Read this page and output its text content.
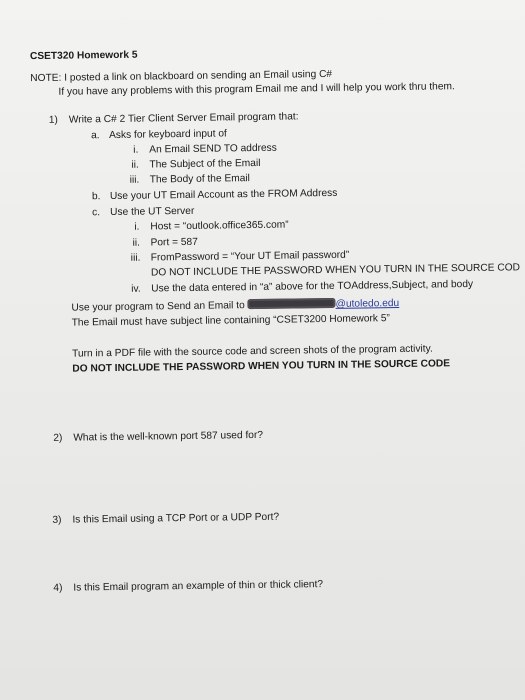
CSET320 Homework 5
NOTE: I posted a link on blackboard on sending an Email using C#
If you have any problems with this program Email me and I will help you work thru them.
1) Write a C# 2 Tier Client Server Email program that:
a. Asks for keyboard input of
i. An Email SEND TO address
ii. The Subject of the Email
iii. The Body of the Email
b. Use your UT Email Account as the FROM Address
c. Use the UT Server
i. Host = “outlook.office365.com”
ii. Port = 587
iii. FromPassword = “Your UT Email password”
DO NOT INCLUDE THE PASSWORD WHEN YOU TURN IN THE SOURCE COD
iv. Use the data entered in “a” above for the TOAddress,Subject, and body
Use your program to Send an Email to	@utoledo.edu
The Email must have subject line containing “CSET3200 Homework 5”
Turn in a PDF file with the source code and screen shots of the program activity.
DO NOT INCLUDE THE PASSWORD WHEN YOU TURN IN THE SOURCE CODE
2) What is the well-known port 587 used for?
3) Is this Email using a TCP Port or a UDP Port?
4) Is this Email program an example of thin or thick client?
